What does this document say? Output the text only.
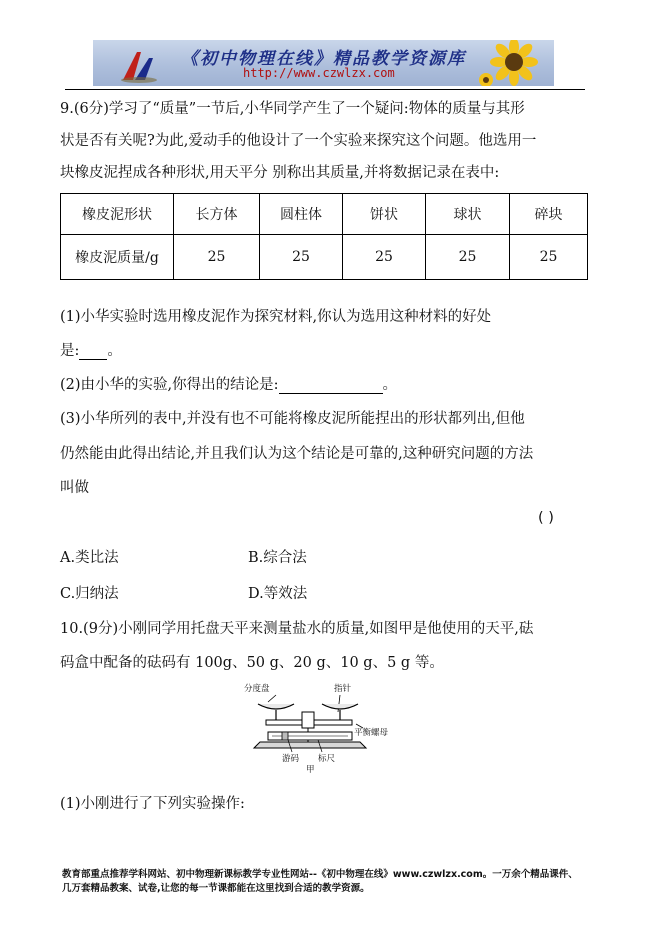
《初中物理在线》精品教学资源库
http://www.czwlzx.com
9.(6分)学习了“质量”一节后,小华同学产生了一个疑问:物体的质量与其形
状是否有关呢?为此,爱动手的他设计了一个实验来探究这个问题。他选用一
块橡皮泥捏成各种形状,用天平分 别称出其质量,并将数据记录在表中:
橡皮泥形状	长方体	圆柱体	饼状	球状	碎块
橡皮泥质量/g	25	25	25	25	25
(1)小华实验时选用橡皮泥作为探究材料,你认为选用这种材料的好处
是: 。
(2)由小华的实验,你得出的结论是:	。
(3)小华所列的表中,并没有也不可能将橡皮泥所能捏出的形状都列出,但他
仍然能由此得出结论,并且我们认为这个结论是可靠的,这种研究问题的方法
叫做
( )
A.类比法	B.综合法
C.归纳法	D.等效法
10.(9分)小刚同学用托盘天平来测量盐水的质量,如图甲是他使用的天平,砝
码盒中配备的砝码有 100g、50 g、20 g、10 g、5 g 等。
分度盘	指针
平衡螺母
游码 标尺
甲
(1)小刚进行了下列实验操作:
教育部重点推荐学科网站、初中物理新课标教学专业性网站--《初中物理在线》www.czwlzx.com。一万余个精品课件、
几万套精品教案、试卷,让您的每一节课都能在这里找到合适的教学资源。
